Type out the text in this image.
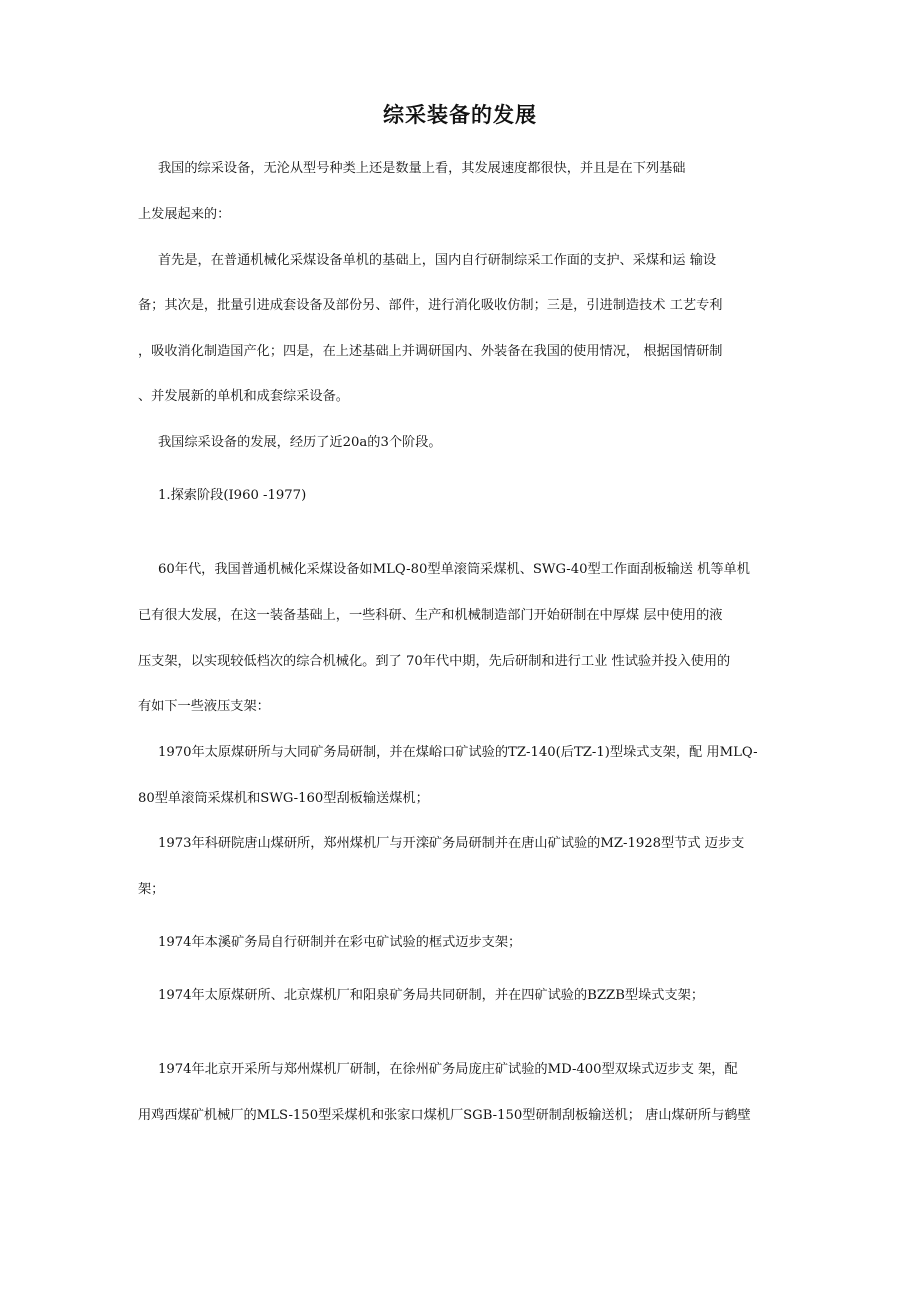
综采装备的发展
我国的综采设备，无沦从型号种类上还是数量上看，其发展速度都很快，并且是在下列基础
上发展起来的：
首先是，在普通机械化采煤设备单机的基础上，国内自行研制综采工作面的支护、采煤和运 输设
备；其次是，批量引进成套设备及部份另、部件，进行消化吸收仿制；三是，引进制造技术 工艺专利
，吸收消化制造国产化；四是，在上述基础上并调研国内、外装备在我国的使用情况， 根据国情研制
、并发展新的单机和成套综采设备。
我国综采设备的发展，经历了近20a的3个阶段。
1.探索阶段(I960 -1977)
60年代，我国普通机械化采煤设备如MLQ-80型单滚筒采煤机、SWG-40型工作面刮板输送 机等单机
已有很大发展，在这一装备基础上，一些科研、生产和机械制造部门开始研制在中厚煤 层中使用的液
压支架，以实现较低档次的综合机械化。到了 70年代中期，先后研制和进行工业 性试验并投入使用的
有如下一些液压支架：
1970年太原煤研所与大同矿务局研制，并在煤峪口矿试验的TZ-140(后TZ-1)型垛式支架，配 用MLQ-
80型单滚筒采煤机和SWG-160型刮板输送煤机；
1973年科研院唐山煤研所，郑州煤机厂与开滦矿务局研制并在唐山矿试验的MZ-1928型节式 迈步支
架；
1974年本溪矿务局自行研制并在彩屯矿试验的框式迈步支架；
1974年太原煤研所、北京煤机厂和阳泉矿务局共同研制，并在四矿试验的BZZB型垛式支架；
1974年北京开采所与郑州煤机厂研制，在徐州矿务局庞庄矿试验的MD-400型双垛式迈步支 架，配
用鸡西煤矿机械厂的MLS-150型采煤机和张家口煤机厂SGB-150型研制刮板输送机； 唐山煤研所与鹤壁
